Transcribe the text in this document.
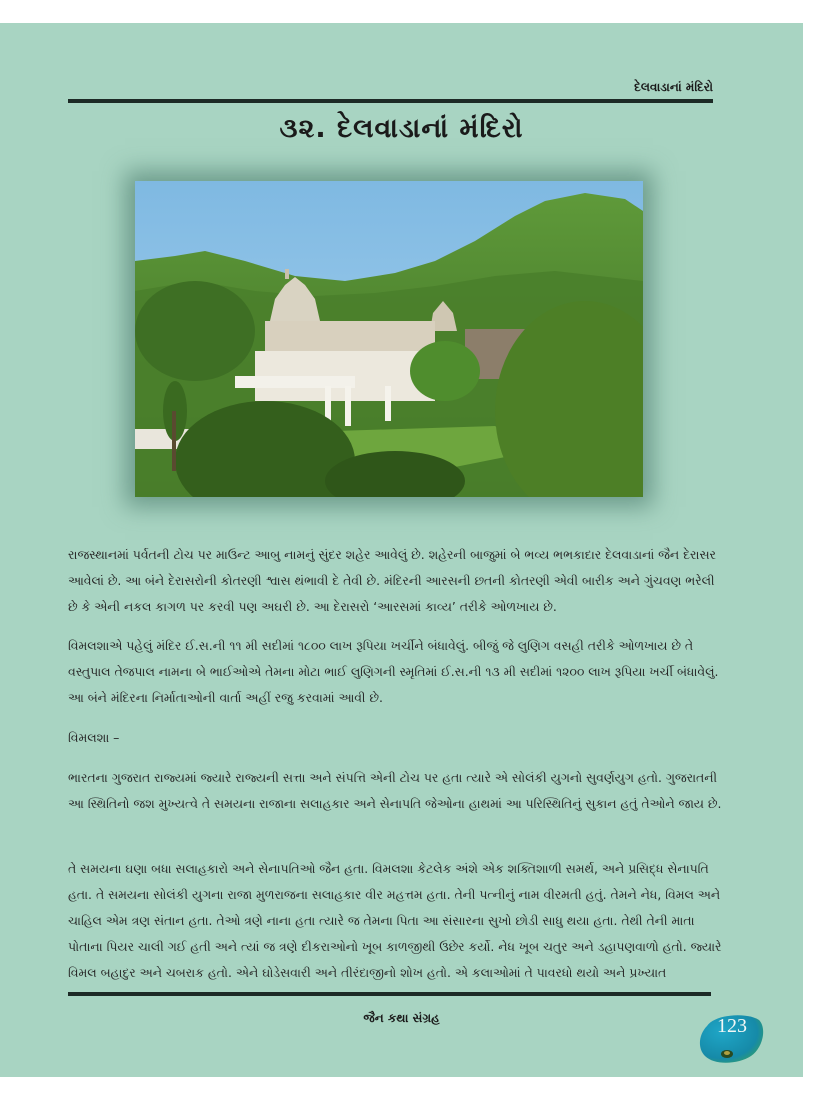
દેલવાડાનાં મંદિરો
૩૨. દેલવાડાનાં મંદિરો

રાજસ્થાનમાં પર્વતની ટોચ પર માઉન્ટ આબુ નામનું સુંદર શહેર આવેલું છે. શહેરની બાજુમાં બે ભવ્ય ભભકાદાર દેલવાડાનાં જૈન દેરાસર આવેલાં છે. આ બંને દેરાસરોની કોતરણી શ્વાસ થંભાવી દે તેવી છે. મંદિરની આરસની છતની કોતરણી એવી બારીક અને ગુંચવણ ભરેલી છે કે એની નકલ કાગળ પર કરવી પણ અઘરી છે. આ દેરાસરો ‘આરસમાં કાવ્ય’ તરીકે ઓળખાય છે.

વિમલશાએ પહેલું મંદિર ઈ.સ.ની ૧૧ મી સદીમાં ૧૮૦૦ લાખ રૂપિયા ખર્ચીને બંધાવેલું. બીજું જે લુણિગ વસહી તરીકે ઓળખાય છે તે વસ્તુપાલ તેજપાલ નામના બે ભાઈઓએ તેમના મોટા ભાઈ લુણિગની સ્મૃતિમાં ઈ.સ.ની ૧૩ મી સદીમાં ૧૨૦૦ લાખ રૂપિયા ખર્ચી બંધાવેલું. આ બંને મંદિરના નિર્માતાઓની વાર્તા અહીં રજુ કરવામાં આવી છે.

વિમલશા –

ભારતના ગુજરાત રાજ્યમાં જ્યારે રાજ્યની સત્તા અને સંપત્તિ એની ટોચ પર હતા ત્યારે એ સોલંકી યુગનો સુવર્ણયુગ હતો. ગુજરાતની આ સ્થિતિનો જશ મુખ્યત્વે તે સમયના રાજાના સલાહકાર અને સેનાપતિ જેઓના હાથમાં આ પરિસ્થિતિનું સુકાન હતું તેઓને જાય છે.

તે સમયના ઘણા બધા સલાહકારો અને સેનાપતિઓ જૈન હતા. વિમલશા કેટલેક અંશે એક શક્તિશાળી સમર્થ, અને પ્રસિદ્ધ સેનાપતિ હતા. તે સમયના સોલંકી યુગના રાજા મુળરાજના સલાહકાર વીર મહત્તમ હતા. તેની પત્નીનું નામ વીરમતી હતું. તેમને નેધ, વિમલ અને ચાહિલ એમ ત્રણ સંતાન હતા. તેઓ ત્રણે નાના હતા ત્યારે જ તેમના પિતા આ સંસારના સુખો છોડી સાધુ થયા હતા. તેથી તેની માતા પોતાના પિયર ચાલી ગઈ હતી અને ત્યાં જ ત્રણે દીકરાઓનો ખૂબ કાળજીથી ઉછેર કર્યો. નેધ ખૂબ ચતુર અને ડહાપણવાળો હતો. જ્યારે વિમલ બહાદુર અને ચબરાક હતો. એને ઘોડેસવારી અને તીરંદાજીનો શોખ હતો. એ કલાઓમાં તે પાવરધો થયો અને પ્રખ્યાત

જૈન કથા સંગ્રહ	123
